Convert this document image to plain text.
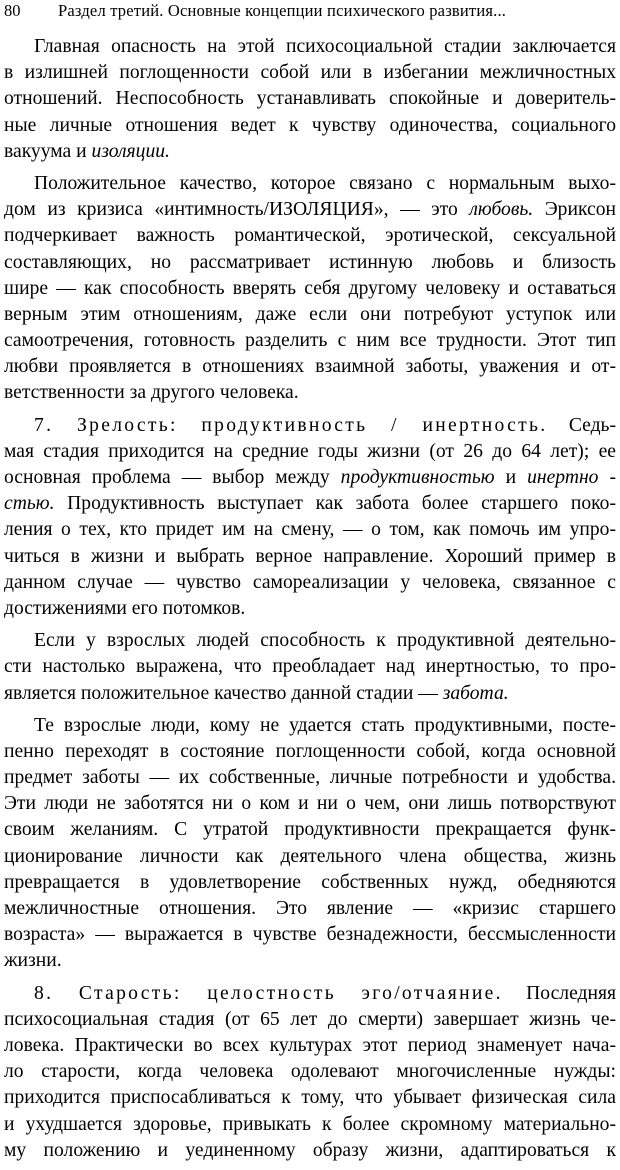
80 Раздел третий. Основные концепции психического развития...
Главная опасность на этой психосоциальной стадии заключается
в излишней поглощенности собой или в избегании межличностных
отношений. Неспособность устанавливать спокойные и доверитель-
ные личные отношения ведет к чувству одиночества, социального
вакуума и изоляции.
Положительное качество, которое связано с нормальным выхо-
дом из кризиса «интимность/ИЗОЛЯЦИЯ», — это любовь. Эриксон
подчеркивает важность романтической, эротической, сексуальной
составляющих, но рассматривает истинную любовь и близость
шире — как способность вверять себя другому человеку и оставаться
верным этим отношениям, даже если они потребуют уступок или
самоотречения, готовность разделить с ним все трудности. Этот тип
любви проявляется в отношениях взаимной заботы, уважения и от-
ветственности за другого человека.
7. Зрелость: продуктивность / инертность. Седь-
мая стадия приходится на средние годы жизни (от 26 до 64 лет); ее
основная проблема — выбор между продуктивностью и инертно -
стью. Продуктивность выступает как забота более старшего поко-
ления о тех, кто придет им на смену, — о том, как помочь им упро-
читься в жизни и выбрать верное направление. Хороший пример в
данном случае — чувство самореализации у человека, связанное с
достижениями его потомков.
Если у взрослых людей способность к продуктивной деятельно-
сти настолько выражена, что преобладает над инертностью, то про-
является положительное качество данной стадии — забота.
Те взрослые люди, кому не удается стать продуктивными, посте-
пенно переходят в состояние поглощенности собой, когда основной
предмет заботы — их собственные, личные потребности и удобства.
Эти люди не заботятся ни о ком и ни о чем, они лишь потворствуют
своим желаниям. С утратой продуктивности прекращается функ-
ционирование личности как деятельного члена общества, жизнь
превращается в удовлетворение собственных нужд, обедняются
межличностные отношения. Это явление — «кризис старшего
возраста» — выражается в чувстве безнадежности, бессмысленности
жизни.
8. Старость: целостность эго/отчаяние. Последняя
психосоциальная стадия (от 65 лет до смерти) завершает жизнь че-
ловека. Практически во всех культурах этот период знаменует нача-
ло старости, когда человека одолевают многочисленные нужды:
приходится приспосабливаться к тому, что убывает физическая сила
и ухудшается здоровье, привыкать к более скромному материально-
му положению и уединенному образу жизни, адаптироваться к
